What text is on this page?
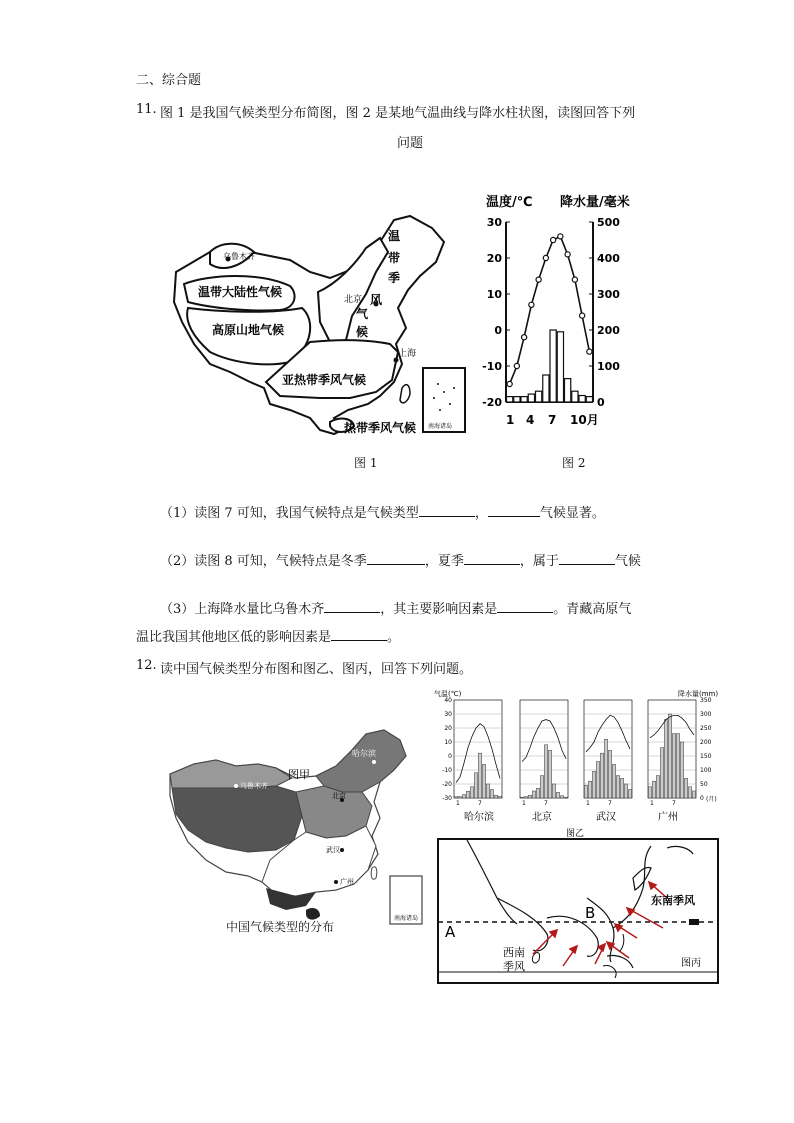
二、综合题
11. 图 1 是我国气候类型分布简图，图 2 是某地气温曲线与降水柱状图，读图回答下列
问题
乌鲁木齐
温带大陆性气候
高原山地气候
温
带
季
风
气
候
北京
上海
亚热带季风气候
热带季风气候 南海诸岛
温度/℃ 降水量/毫米
30
20
10
0
-10
-20
500
400
300
200
100
0
1 4 7 10月
图 1	图 2
（1）读图 7 可知，我国气候特点是气候类型	，	气候显著。
（2）读图 8 可知，气候特点是冬季	，夏季	，属于	气候
（3）上海降水量比乌鲁木齐	，其主要影响因素是	。青藏高原气
温比我国其他地区低的影响因素是	。
12. 读中国气候类型分布图和图乙、图丙，回答下列问题。
南海诸岛
图甲
哈尔滨
乌鲁木齐
北京
武汉
广州
中国气候类型的分布
气温(℃)	降水量(mm)
40
30
20
10
0
-10
-20
-30
350
300
250
200
150
100
50
0
1	7	1	7	1	7	1	7
(月)
哈尔滨	北京	武汉	广州
图乙
A
B
西南
季风
东南季风
图丙
